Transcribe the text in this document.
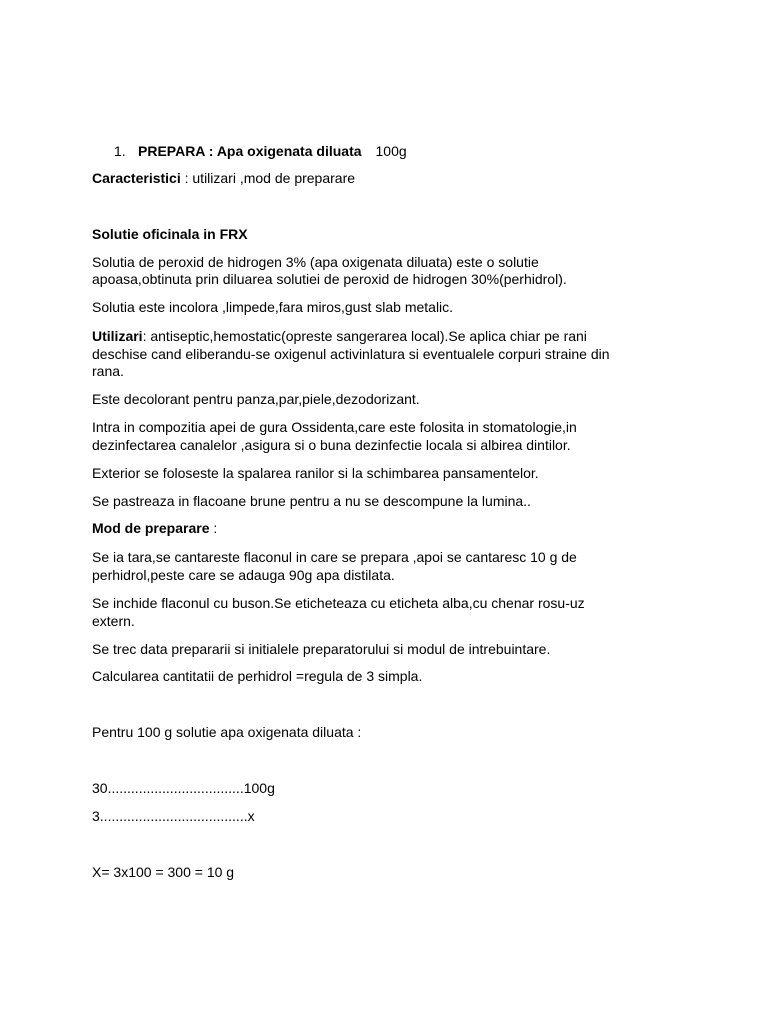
1. PREPARA : Apa oxigenata diluata 100g
Caracteristici : utilizari ,mod de preparare
Solutie oficinala in FRX
Solutia de peroxid de hidrogen 3% (apa oxigenata diluata) este o solutie
apoasa,obtinuta prin diluarea solutiei de peroxid de hidrogen 30%(perhidrol).
Solutia este incolora ,limpede,fara miros,gust slab metalic.
Utilizari: antiseptic,hemostatic(opreste sangerarea local).Se aplica chiar pe rani
deschise cand eliberandu-se oxigenul activinlatura si eventualele corpuri straine din
rana.
Este decolorant pentru panza,par,piele,dezodorizant.
Intra in compozitia apei de gura Ossidenta,care este folosita in stomatologie,in
dezinfectarea canalelor ,asigura si o buna dezinfectie locala si albirea dintilor.
Exterior se foloseste la spalarea ranilor si la schimbarea pansamentelor.
Se pastreaza in flacoane brune pentru a nu se descompune la lumina..
Mod de preparare :
Se ia tara,se cantareste flaconul in care se prepara ,apoi se cantaresc 10 g de
perhidrol,peste care se adauga 90g apa distilata.
Se inchide flaconul cu buson.Se eticheteaza cu eticheta alba,cu chenar rosu-uz
extern.
Se trec data prepararii si initialele preparatorului si modul de intrebuintare.
Calcularea cantitatii de perhidrol =regula de 3 simpla.
Pentru 100 g solutie apa oxigenata diluata :
30...................................100g
3......................................x
X= 3x100 = 300 = 10 g
